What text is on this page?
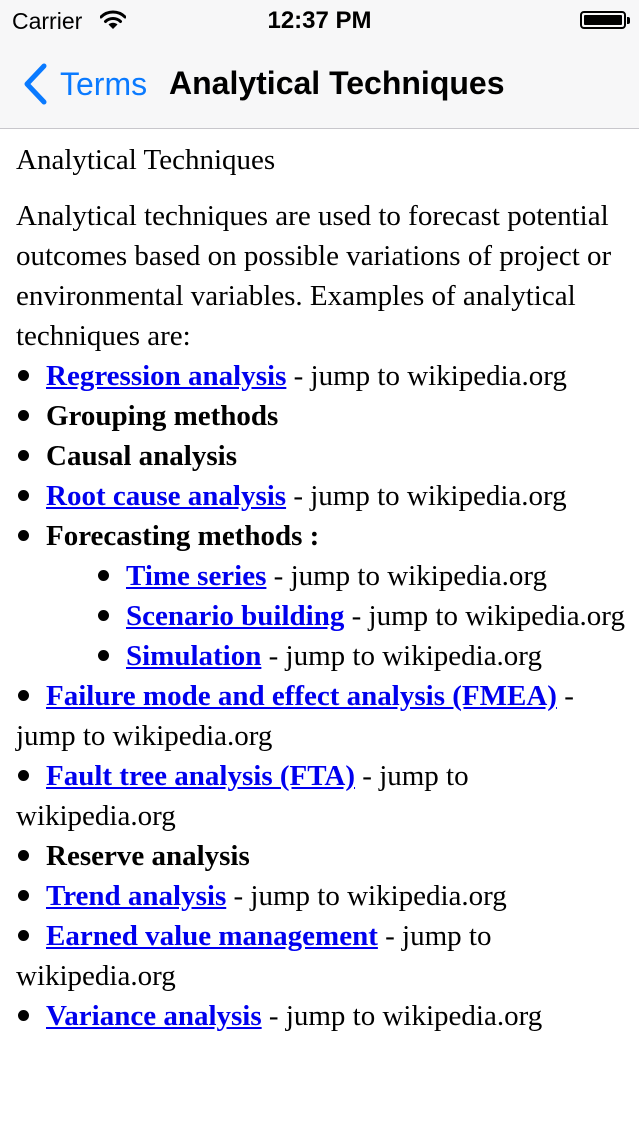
Carrier	12:37 PM
Terms Analytical Techniques

Analytical Techniques

Analytical techniques are used to forecast potential outcomes based on possible variations of project or environmental variables. Examples of analytical techniques are:

Regression analysis - jump to wikipedia.org
Grouping methods
Causal analysis
Root cause analysis - jump to wikipedia.org
Forecasting methods :
Time series - jump to wikipedia.org
Scenario building - jump to wikipedia.org
Simulation - jump to wikipedia.org
Failure mode and effect analysis (FMEA) - jump to wikipedia.org
Fault tree analysis (FTA) - jump to wikipedia.org
Reserve analysis
Trend analysis - jump to wikipedia.org
Earned value management - jump to wikipedia.org
Variance analysis - jump to wikipedia.org
